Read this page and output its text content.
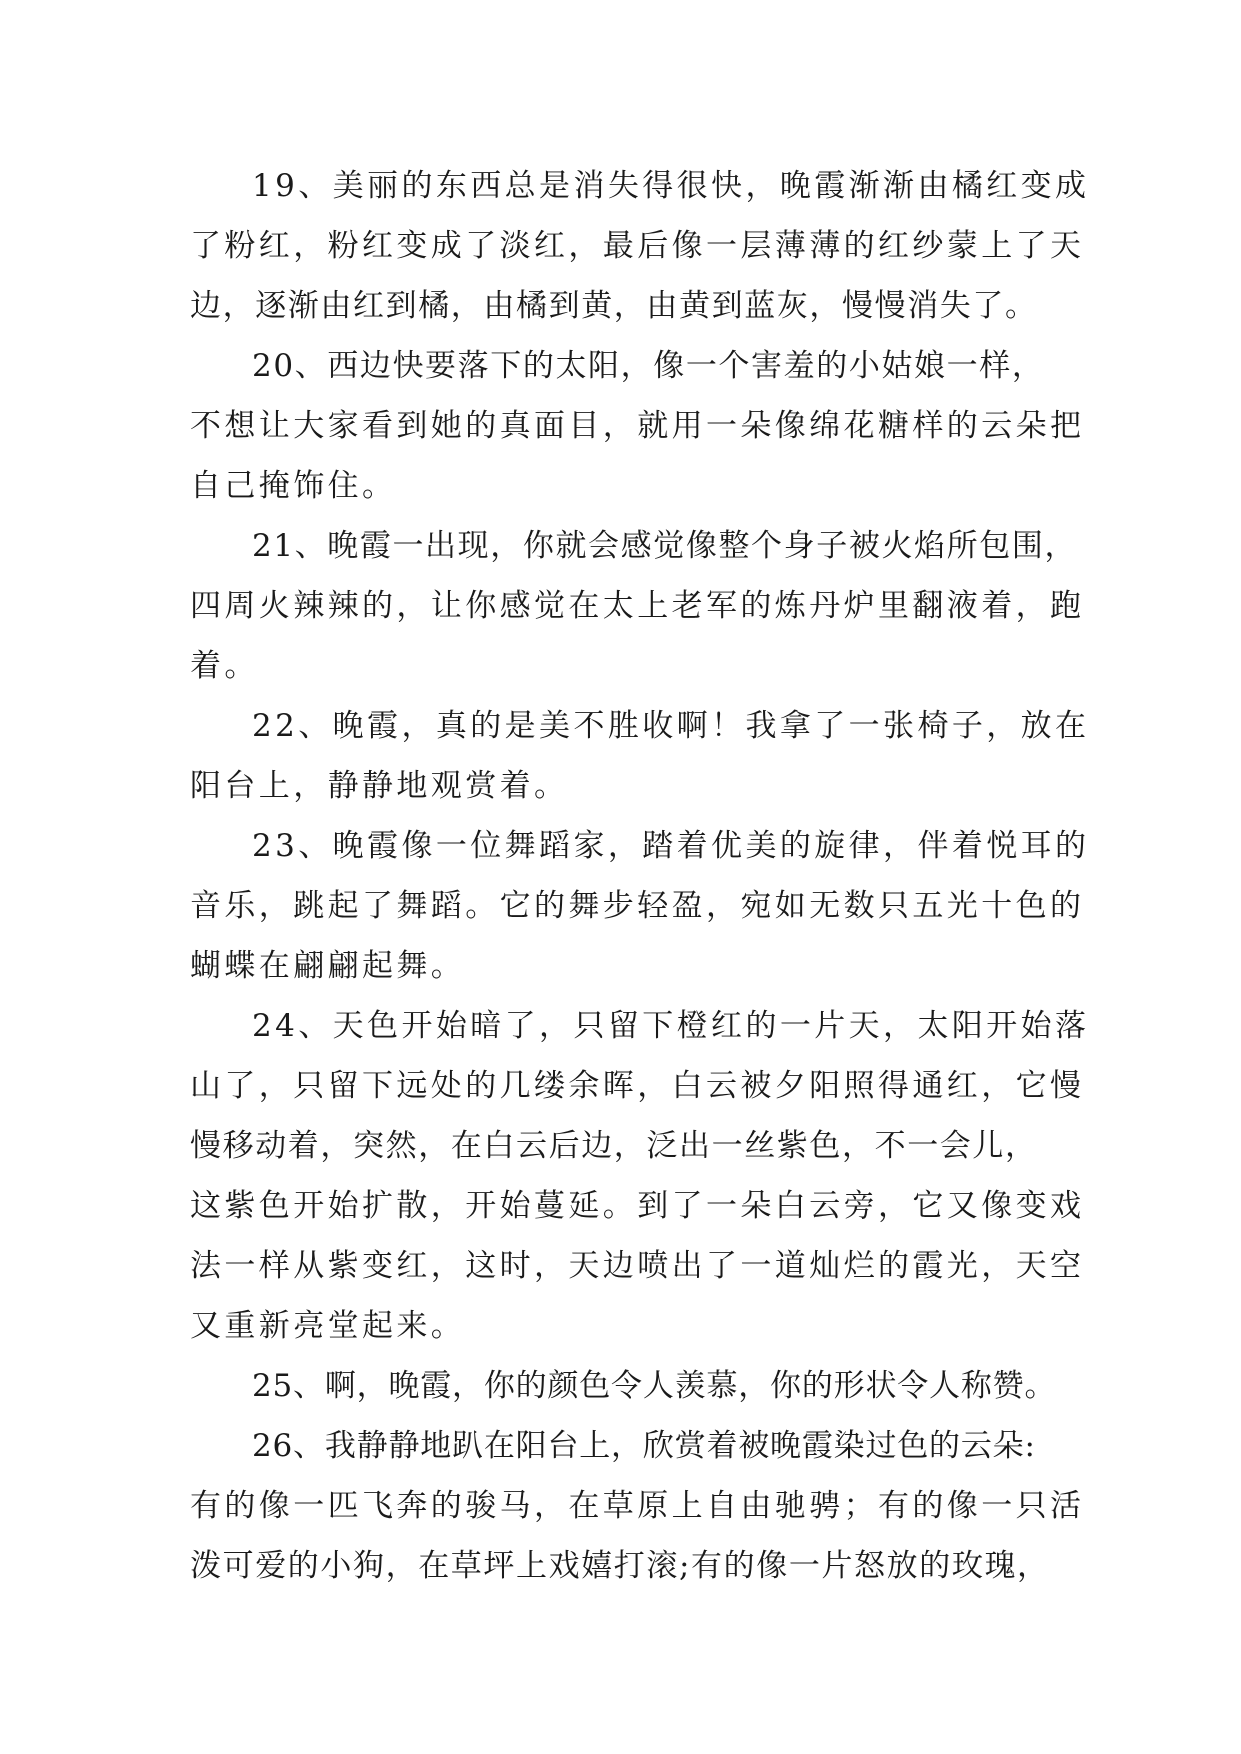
19、美丽的东西总是消失得很快，晚霞渐渐由橘红变成
了粉红，粉红变成了淡红，最后像一层薄薄的红纱蒙上了天
边，逐渐由红到橘，由橘到黄，由黄到蓝灰，慢慢消失了。

20、西边快要落下的太阳，像一个害羞的小姑娘一样，
不想让大家看到她的真面目，就用一朵像绵花糖样的云朵把
自己掩饰住。

21、晚霞一出现，你就会感觉像整个身子被火焰所包围，
四周火辣辣的，让你感觉在太上老军的炼丹炉里翻液着，跑
着。

22、晚霞，真的是美不胜收啊！我拿了一张椅子，放在
阳台上，静静地观赏着。

23、晚霞像一位舞蹈家，踏着优美的旋律，伴着悦耳的
音乐，跳起了舞蹈。它的舞步轻盈，宛如无数只五光十色的
蝴蝶在翩翩起舞。

24、天色开始暗了，只留下橙红的一片天，太阳开始落
山了，只留下远处的几缕余晖，白云被夕阳照得通红，它慢
慢移动着，突然，在白云后边，泛出一丝紫色，不一会儿，
这紫色开始扩散，开始蔓延。到了一朵白云旁，它又像变戏
法一样从紫变红，这时，天边喷出了一道灿烂的霞光，天空
又重新亮堂起来。

25、啊，晚霞，你的颜色令人羡慕，你的形状令人称赞。

26、我静静地趴在阳台上，欣赏着被晚霞染过色的云朵:
有的像一匹飞奔的骏马，在草原上自由驰骋；有的像一只活
泼可爱的小狗，在草坪上戏嬉打滚;有的像一片怒放的玫瑰，
